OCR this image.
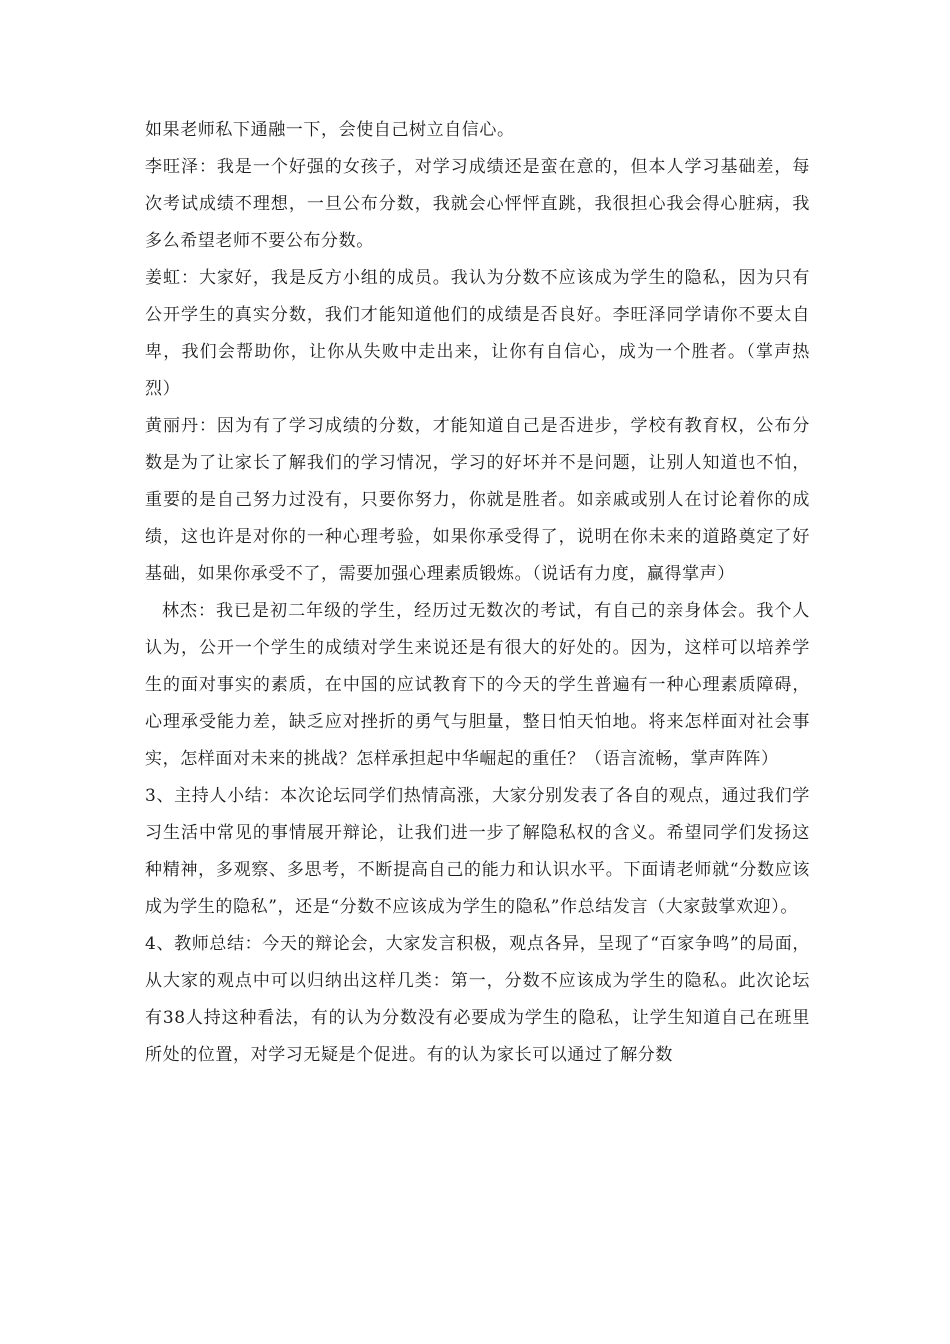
如果老师私下通融一下，会使自己树立自信心。

李旺泽：我是一个好强的女孩子，对学习成绩还是蛮在意的，但本人学习基础差，每次考试成绩不理想，一旦公布分数，我就会心怦怦直跳，我很担心我会得心脏病，我多么希望老师不要公布分数。

姜虹：大家好，我是反方小组的成员。我认为分数不应该成为学生的隐私，因为只有公开学生的真实分数，我们才能知道他们的成绩是否良好。李旺泽同学请你不要太自卑，我们会帮助你，让你从失败中走出来，让你有自信心，成为一个胜者。（掌声热烈）

黄丽丹：因为有了学习成绩的分数，才能知道自己是否进步，学校有教育权，公布分数是为了让家长了解我们的学习情况，学习的好坏并不是问题，让别人知道也不怕，重要的是自己努力过没有，只要你努力，你就是胜者。如亲戚或别人在讨论着你的成绩，这也许是对你的一种心理考验，如果你承受得了，说明在你未来的道路奠定了好基础，如果你承受不了，需要加强心理素质锻炼。（说话有力度，赢得掌声）

林杰：我已是初二年级的学生，经历过无数次的考试，有自己的亲身体会。我个人认为，公开一个学生的成绩对学生来说还是有很大的好处的。因为，这样可以培养学生的面对事实的素质，在中国的应试教育下的今天的学生普遍有一种心理素质障碍，心理承受能力差，缺乏应对挫折的勇气与胆量，整日怕天怕地。将来怎样面对社会事实，怎样面对未来的挑战？怎样承担起中华崛起的重任？（语言流畅，掌声阵阵）

3、主持人小结：本次论坛同学们热情高涨，大家分别发表了各自的观点，通过我们学习生活中常见的事情展开辩论，让我们进一步了解隐私权的含义。希望同学们发扬这种精神，多观察、多思考，不断提高自己的能力和认识水平。下面请老师就“分数应该成为学生的隐私”，还是“分数不应该成为学生的隐私”作总结发言（大家鼓掌欢迎）。

4、教师总结：今天的辩论会，大家发言积极，观点各异，呈现了“百家争鸣”的局面，从大家的观点中可以归纳出这样几类：第一，分数不应该成为学生的隐私。此次论坛有38人持这种看法，有的认为分数没有必要成为学生的隐私，让学生知道自己在班里所处的位置，对学习无疑是个促进。有的认为家长可以通过了解分数
